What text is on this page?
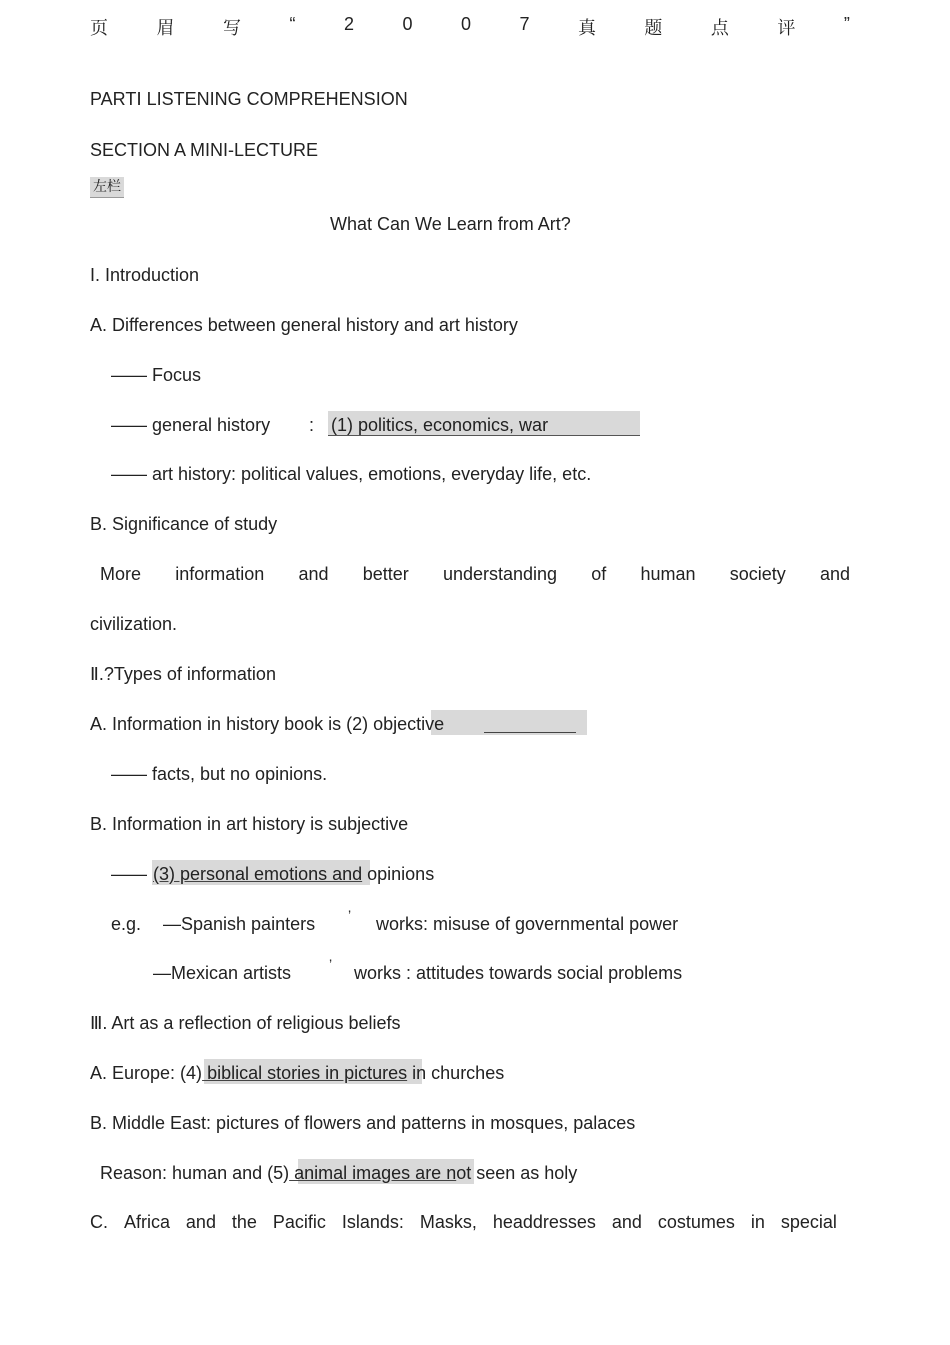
页	眉	写	“	2	0	0	7	真	题	点	评	”
PARTⅠ LISTENING COMPREHENSION
SECTION A MINI-LECTURE
左栏
What Can We Learn from Art?
I. Introduction
A. Differences between general history and art history
—— Focus
—— general history : (1) politics, economics, war
—— art history: political values, emotions, everyday life, etc.
B. Significance of study
More information and better understanding of human society and
civilization.
Ⅱ.?Types of information
A. Information in history book is (2) objective
—— facts, but no opinions.
B. Information in art history is subjective
—— (3) personal emotions and opinions
e.g. —Spanish painters ’ works: misuse of governmental power
—Mexican artists	’ works : attitudes towards social problems
Ⅲ. Art as a reflection of religious beliefs
A. Europe: (4) biblical stories in pictures in churches
B. Middle East: pictures of flowers and patterns in mosques, palaces
Reason: human and (5) animal images are not seen as holy
C. Africa and the Pacific Islands: Masks, headdresses and costumes in special
